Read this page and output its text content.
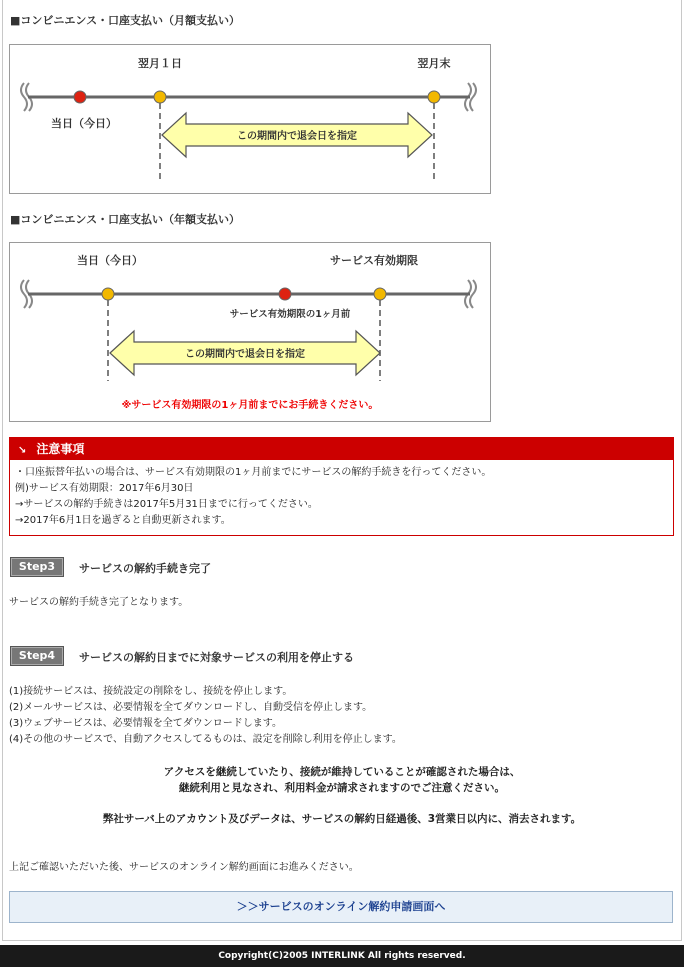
■コンビニエンス・口座支払い（月額支払い）
翌月１日	翌月末
当日（今日）
この期間内で退会日を指定
■コンビニエンス・口座支払い（年額支払い）
当日（今日）	サービス有効期限
サービス有効期限の1ヶ月前
この期間内で退会日を指定
※サービス有効期限の1ヶ月前までにお手続きください。
↘ 注意事項
・口座振替年払いの場合は、サービス有効期限の1ヶ月前までにサービスの解約手続きを行ってください。
例)サービス有効期限：2017年6月30日
→サービスの解約手続きは2017年5月31日までに行ってください。
→2017年6月1日を過ぎると自動更新されます。
Step3	サービスの解約手続き完了
サービスの解約手続き完了となります。
Step4	サービスの解約日までに対象サービスの利用を停止する
(1)接続サービスは、接続設定の削除をし、接続を停止します。
(2)メールサービスは、必要情報を全てダウンロードし、自動受信を停止します。
(3)ウェブサービスは、必要情報を全てダウンロードします。
(4)その他のサービスで、自動アクセスしてるものは、設定を削除し利用を停止します。
アクセスを継続していたり、接続が維持していることが確認された場合は、
継続利用と見なされ、利用料金が請求されますのでご注意ください。
弊社サーバ上のアカウント及びデータは、サービスの解約日経過後、3営業日以内に、消去されます。
上記ご確認いただいた後、サービスのオンライン解約画面にお進みください。
＞＞サービスのオンライン解約申請画面へ
Copyright(C)2005 INTERLINK All rights reserved.
